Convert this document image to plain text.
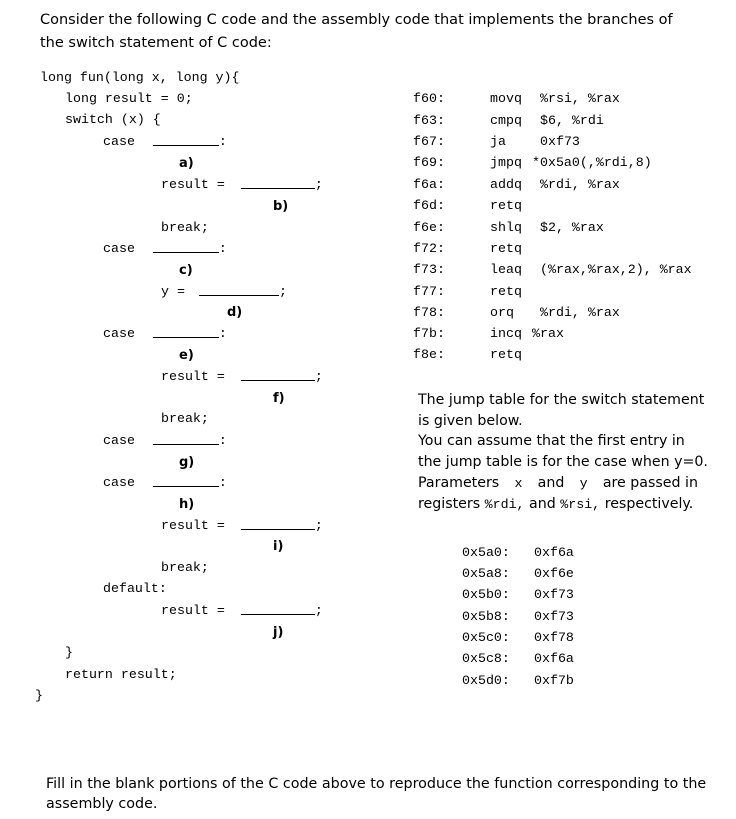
Consider the following C code and the assembly code that implements the branches of
the switch statement of C code:
long fun(long x, long y){
long result = 0;
switch (x) {
case	:
a)
result =	;
b)
break;
case	:
c)
y =	;
d)
case	:
e)
result =	;
f)
break;
case	:
g)
case	:
h)
result =	;
i)
break;
default:
result =	;
j)
}
return result;
}
f60:	movq %rsi, %rax
f63:	cmpq $6, %rdi
f67:	ja	0xf73
f69:	jmpq *0x5a0(,%rdi,8)
f6a:	addq %rdi, %rax
f6d:	retq
f6e:	shlq $2, %rax
f72:	retq
f73:	leaq (%rax,%rax,2), %rax
f77:	retq
f78:	orq %rdi, %rax
f7b:	incq %rax
f8e:	retq
The jump table for the switch statement
is given below.
You can assume that the first entry in
the jump table is for the case when y=0.
Parameters x and y are passed in
registers %rdi, and %rsi, respectively.
0x5a0: 0xf6a
0x5a8: 0xf6e
0x5b0: 0xf73
0x5b8: 0xf73
0x5c0: 0xf78
0x5c8: 0xf6a
0x5d0: 0xf7b
Fill in the blank portions of the C code above to reproduce the function corresponding to the
assembly code.
